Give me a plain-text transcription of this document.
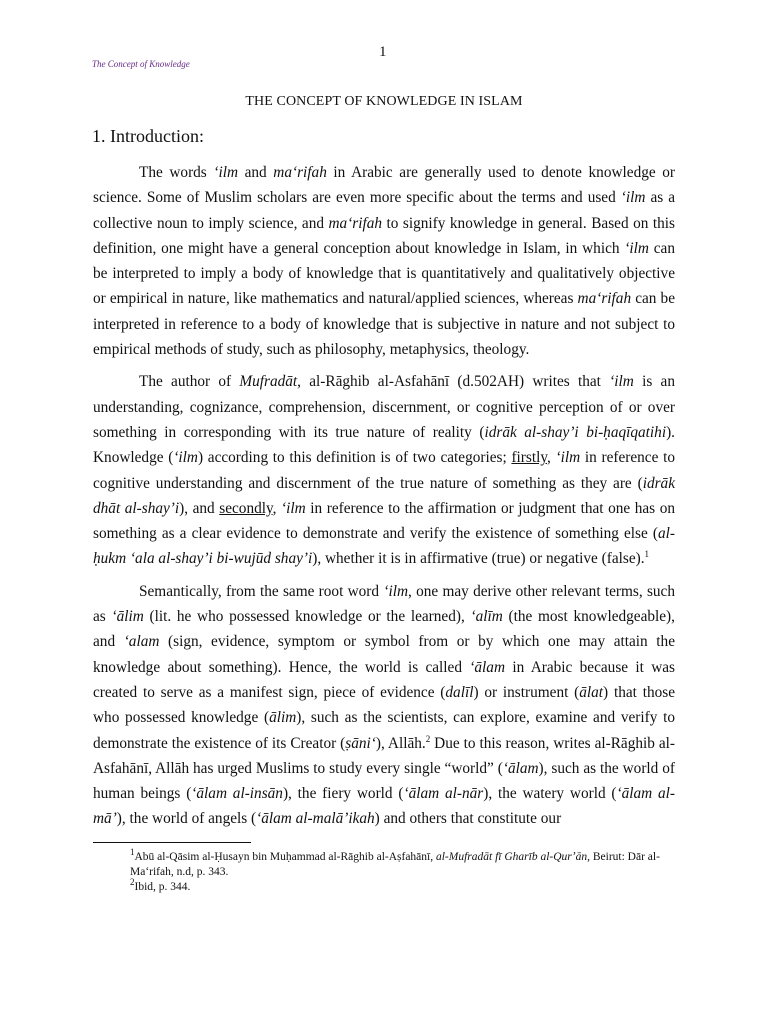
1
The Concept of Knowledge
THE CONCEPT OF KNOWLEDGE IN ISLAM
1. Introduction:

The words ʻilm and maʻrifah in Arabic are generally used to denote knowledge or science. Some of Muslim scholars are even more specific about the terms and used ʻilm as a collective noun to imply science, and maʻrifah to signify knowledge in general. Based on this definition, one might have a general conception about knowledge in Islam, in which ʻilm can be interpreted to imply a body of knowledge that is quantitatively and qualitatively objective or empirical in nature, like mathematics and natural/applied sciences, whereas maʻrifah can be interpreted in reference to a body of knowledge that is subjective in nature and not subject to empirical methods of study, such as philosophy, metaphysics, theology.

The author of Mufradāt, al-Rāghib al-Asfahānī (d.502AH) writes that ʻilm is an understanding, cognizance, comprehension, discernment, or cognitive perception of or over something in corresponding with its true nature of reality (idrāk al-shayʼi bi-ḥaqīqatihi). Knowledge (ʻilm) according to this definition is of two categories; firstly, ʻilm in reference to cognitive understanding and discernment of the true nature of something as they are (idrāk dhāt al-shayʼi), and secondly, ʻilm in reference to the affirmation or judgment that one has on something as a clear evidence to demonstrate and verify the existence of something else (al-ḥukm ʻala al-shayʼi bi-wujūd shayʼi), whether it is in affirmative (true) or negative (false).$^1$

Semantically, from the same root word ʻilm, one may derive other relevant terms, such as ʻālim (lit. he who possessed knowledge or the learned), ʻalīm (the most knowledgeable), and ʻalam (sign, evidence, symptom or symbol from or by which one may attain the knowledge about something). Hence, the world is called ʻālam in Arabic because it was created to serve as a manifest sign, piece of evidence (dalīl) or instrument (ālat) that those who possessed knowledge (ālim), such as the scientists, can explore, examine and verify to demonstrate the existence of its Creator (ṣāniʻ), Allāh.$^2$ Due to this reason, writes al-Rāghib al-Asfahānī, Allāh has urged Muslims to study every single “world” (ʻālam), such as the world of human beings (ʻālam al-insān), the fiery world (ʻālam al-nār), the watery world (ʻālam al-māʼ), the world of angels (ʻālam al-malāʼikah) and others that constitute our

$^1$Abū al-Qāsim al-Ḥusayn bin Muḥammad al-Rāghib al-Aṣfahānī, al-Mufradāt fī Gharīb al-Qurʼān, Beirut: Dār al-Maʻrifah, n.d, p. 343.

$^2$Ibid, p. 344.
